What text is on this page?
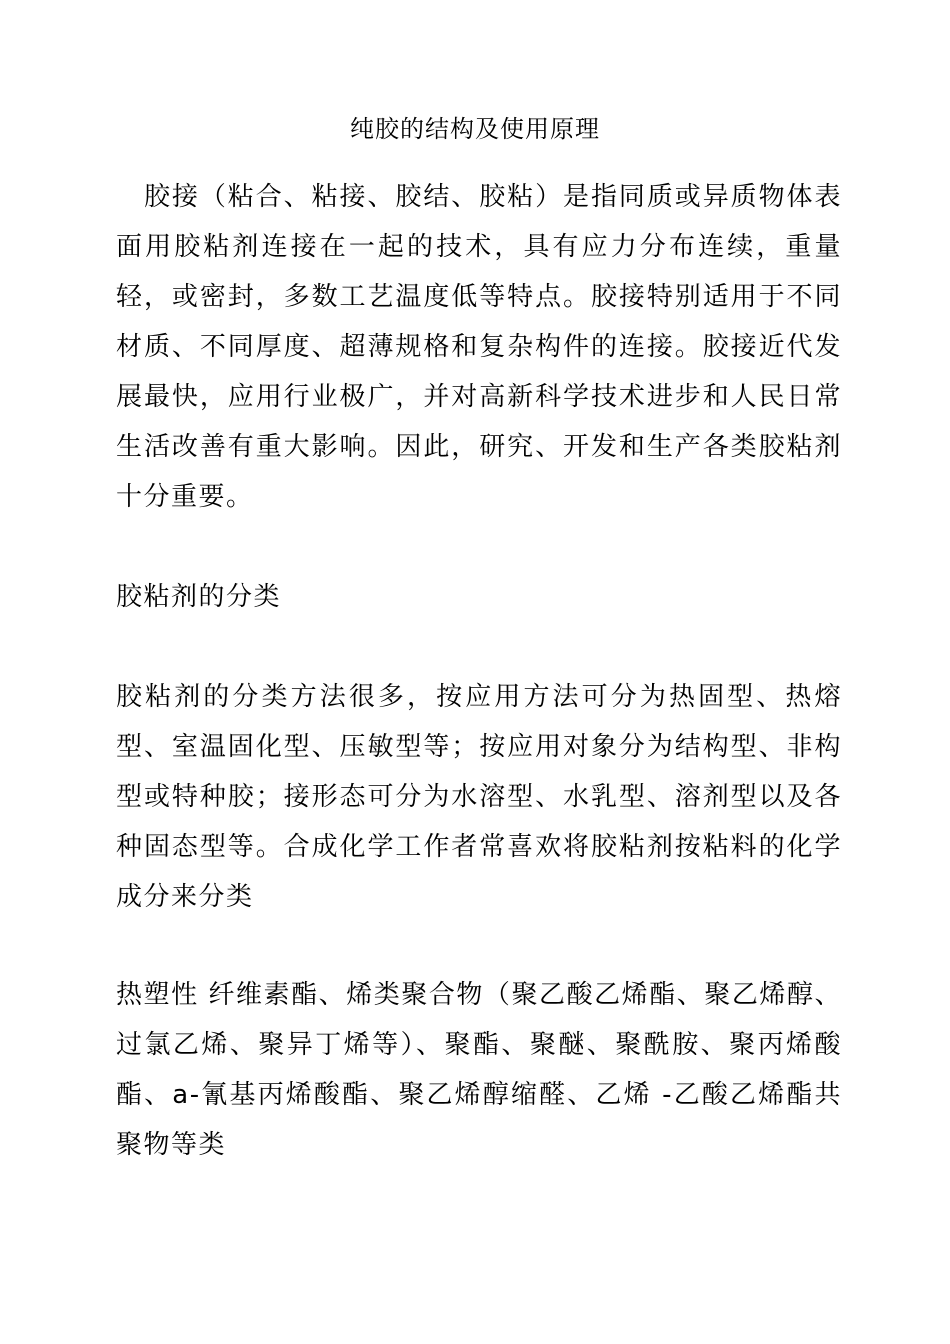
纯胶的结构及使用原理

胶接（粘合、粘接、胶结、胶粘）是指同质或异质物体表面用胶粘剂连接在一起的技术，具有应力分布连续，重量轻，或密封，多数工艺温度低等特点。胶接特别适用于不同材质、不同厚度、超薄规格和复杂构件的连接。胶接近代发展最快，应用行业极广，并对高新科学技术进步和人民日常生活改善有重大影响。因此，研究、开发和生产各类胶粘剂十分重要。

胶粘剂的分类

胶粘剂的分类方法很多，按应用方法可分为热固型、热熔型、室温固化型、压敏型等；按应用对象分为结构型、非构型或特种胶；接形态可分为水溶型、水乳型、溶剂型以及各种固态型等。合成化学工作者常喜欢将胶粘剂按粘料的化学成分来分类

热塑性 纤维素酯、烯类聚合物（聚乙酸乙烯酯、聚乙烯醇、过氯乙烯、聚异丁烯等）、聚酯、聚醚、聚酰胺、聚丙烯酸酯、a-氰基丙烯酸酯、聚乙烯醇缩醛、乙烯 -乙酸乙烯酯共聚物等类
